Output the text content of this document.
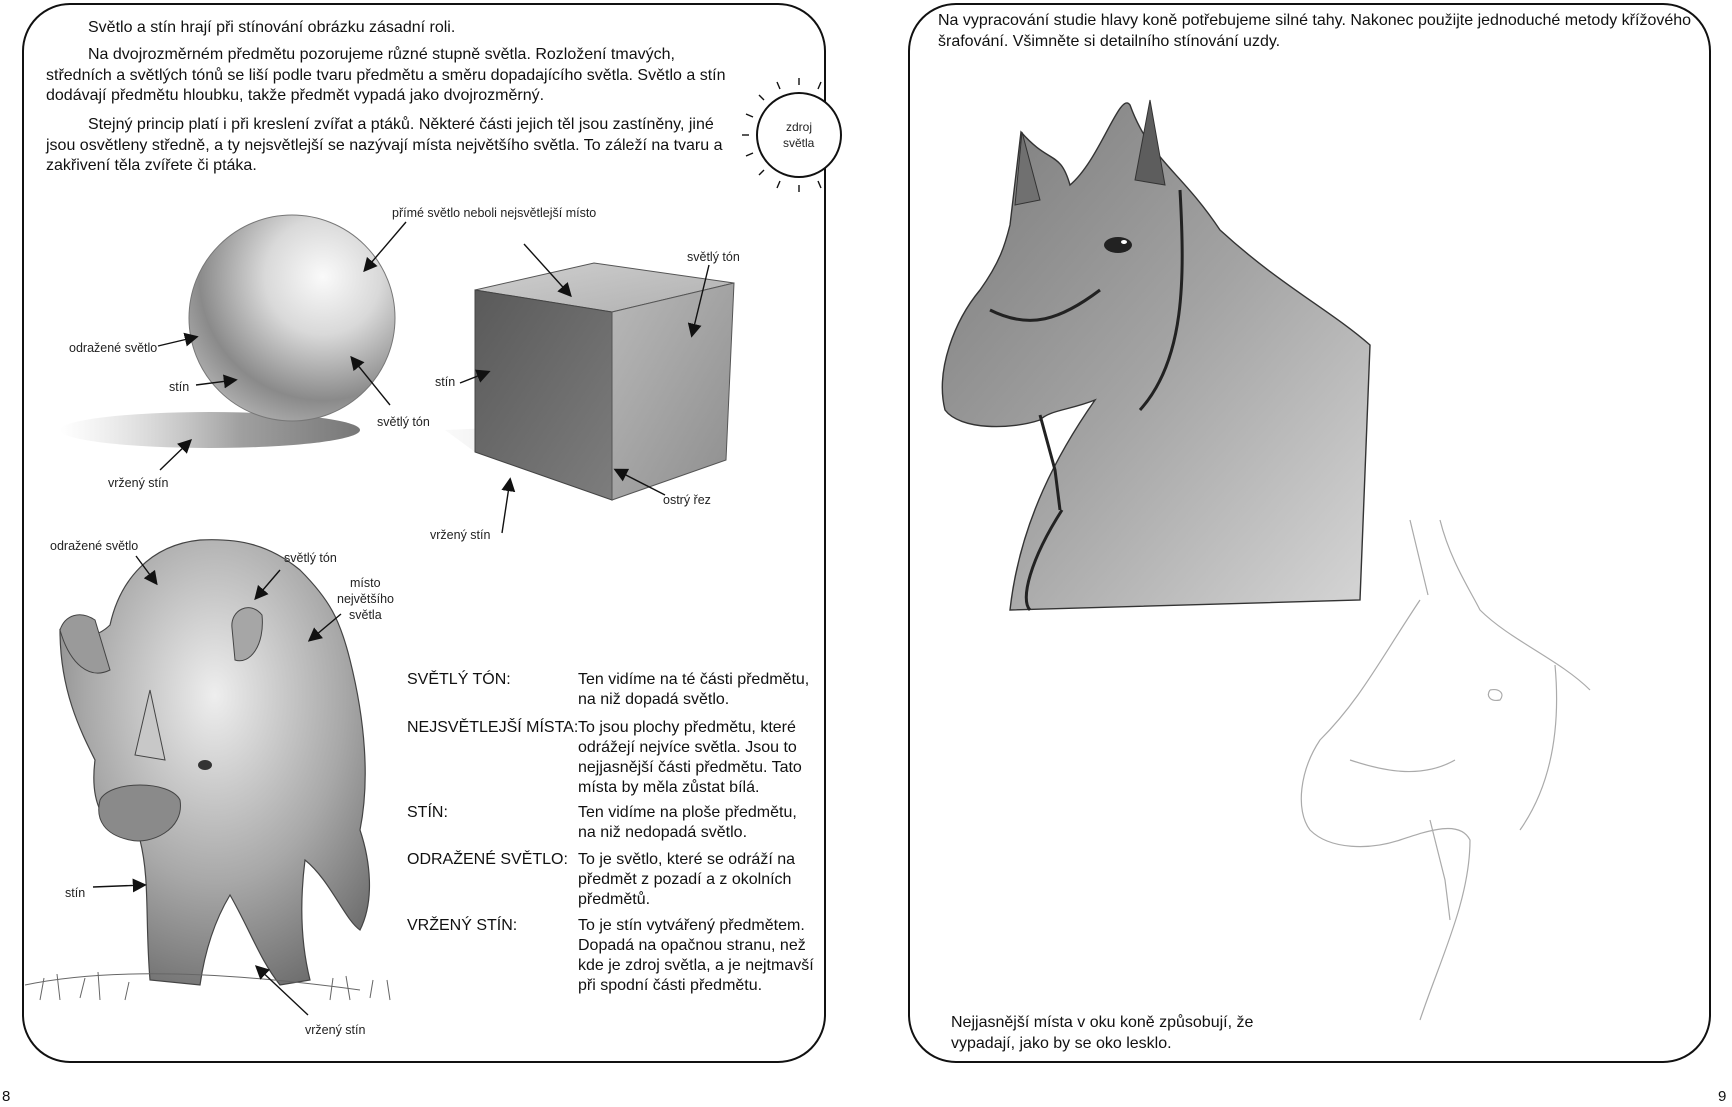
Světlo a stín hrají při stínování obrázku zásadní roli.
Na dvojrozměrném předmětu pozorujeme různé stupně světla. Rozložení tmavých, středních a světlých tónů se liší podle tvaru předmětu a směru dopadajícího světla. Světlo a stín dodávají předmětu hloubku, takže předmět vypadá jako dvojrozměrný.
Stejný princip platí i při kreslení zvířat a ptáků. Některé části jejich těl jsou zastíněny, jiné jsou osvětleny středně, a ty nejsvětlejší se nazývají místa největšího světla. To záleží na tvaru a zakřivení těla zvířete či ptáka.
přímé světlo neboli nejsvětlejší místo
světlý tón
odražené světlo
stín	stín
světlý tón
vržený stín
ostrý řez
vržený stín
odražené světlo
světlý tón
místo
největšího
světla
stín
vržený stín
zdroj
světla
SVĚTLÝ TÓN:	Ten vidíme na té části předmětu, na niž dopadá světlo.
NEJSVĚTLEJŠÍ MÍSTA: To jsou plochy předmětu, které odrážejí nejvíce světla. Jsou to nejjasnější části předmětu. Tato místa by měla zůstat bílá.
STÍN:	Ten vidíme na ploše předmětu, na niž nedopadá světlo.
ODRAŽENÉ SVĚTLO: To je světlo, které se odráží na předmět z pozadí a z okolních předmětů.
VRŽENÝ STÍN:	To je stín vytvářený předmětem. Dopadá na opačnou stranu, než kde je zdroj světla, a je nejtmavší při spodní části předmětu.
Na vypracování studie hlavy koně potřebujeme silné tahy. Nakonec použijte jednoduché metody křížového šrafování. Všimněte si detailního stínování uzdy.
Nejjasnější místa v oku koně způsobují, že vypadají, jako by se oko lesklo.
8	9
